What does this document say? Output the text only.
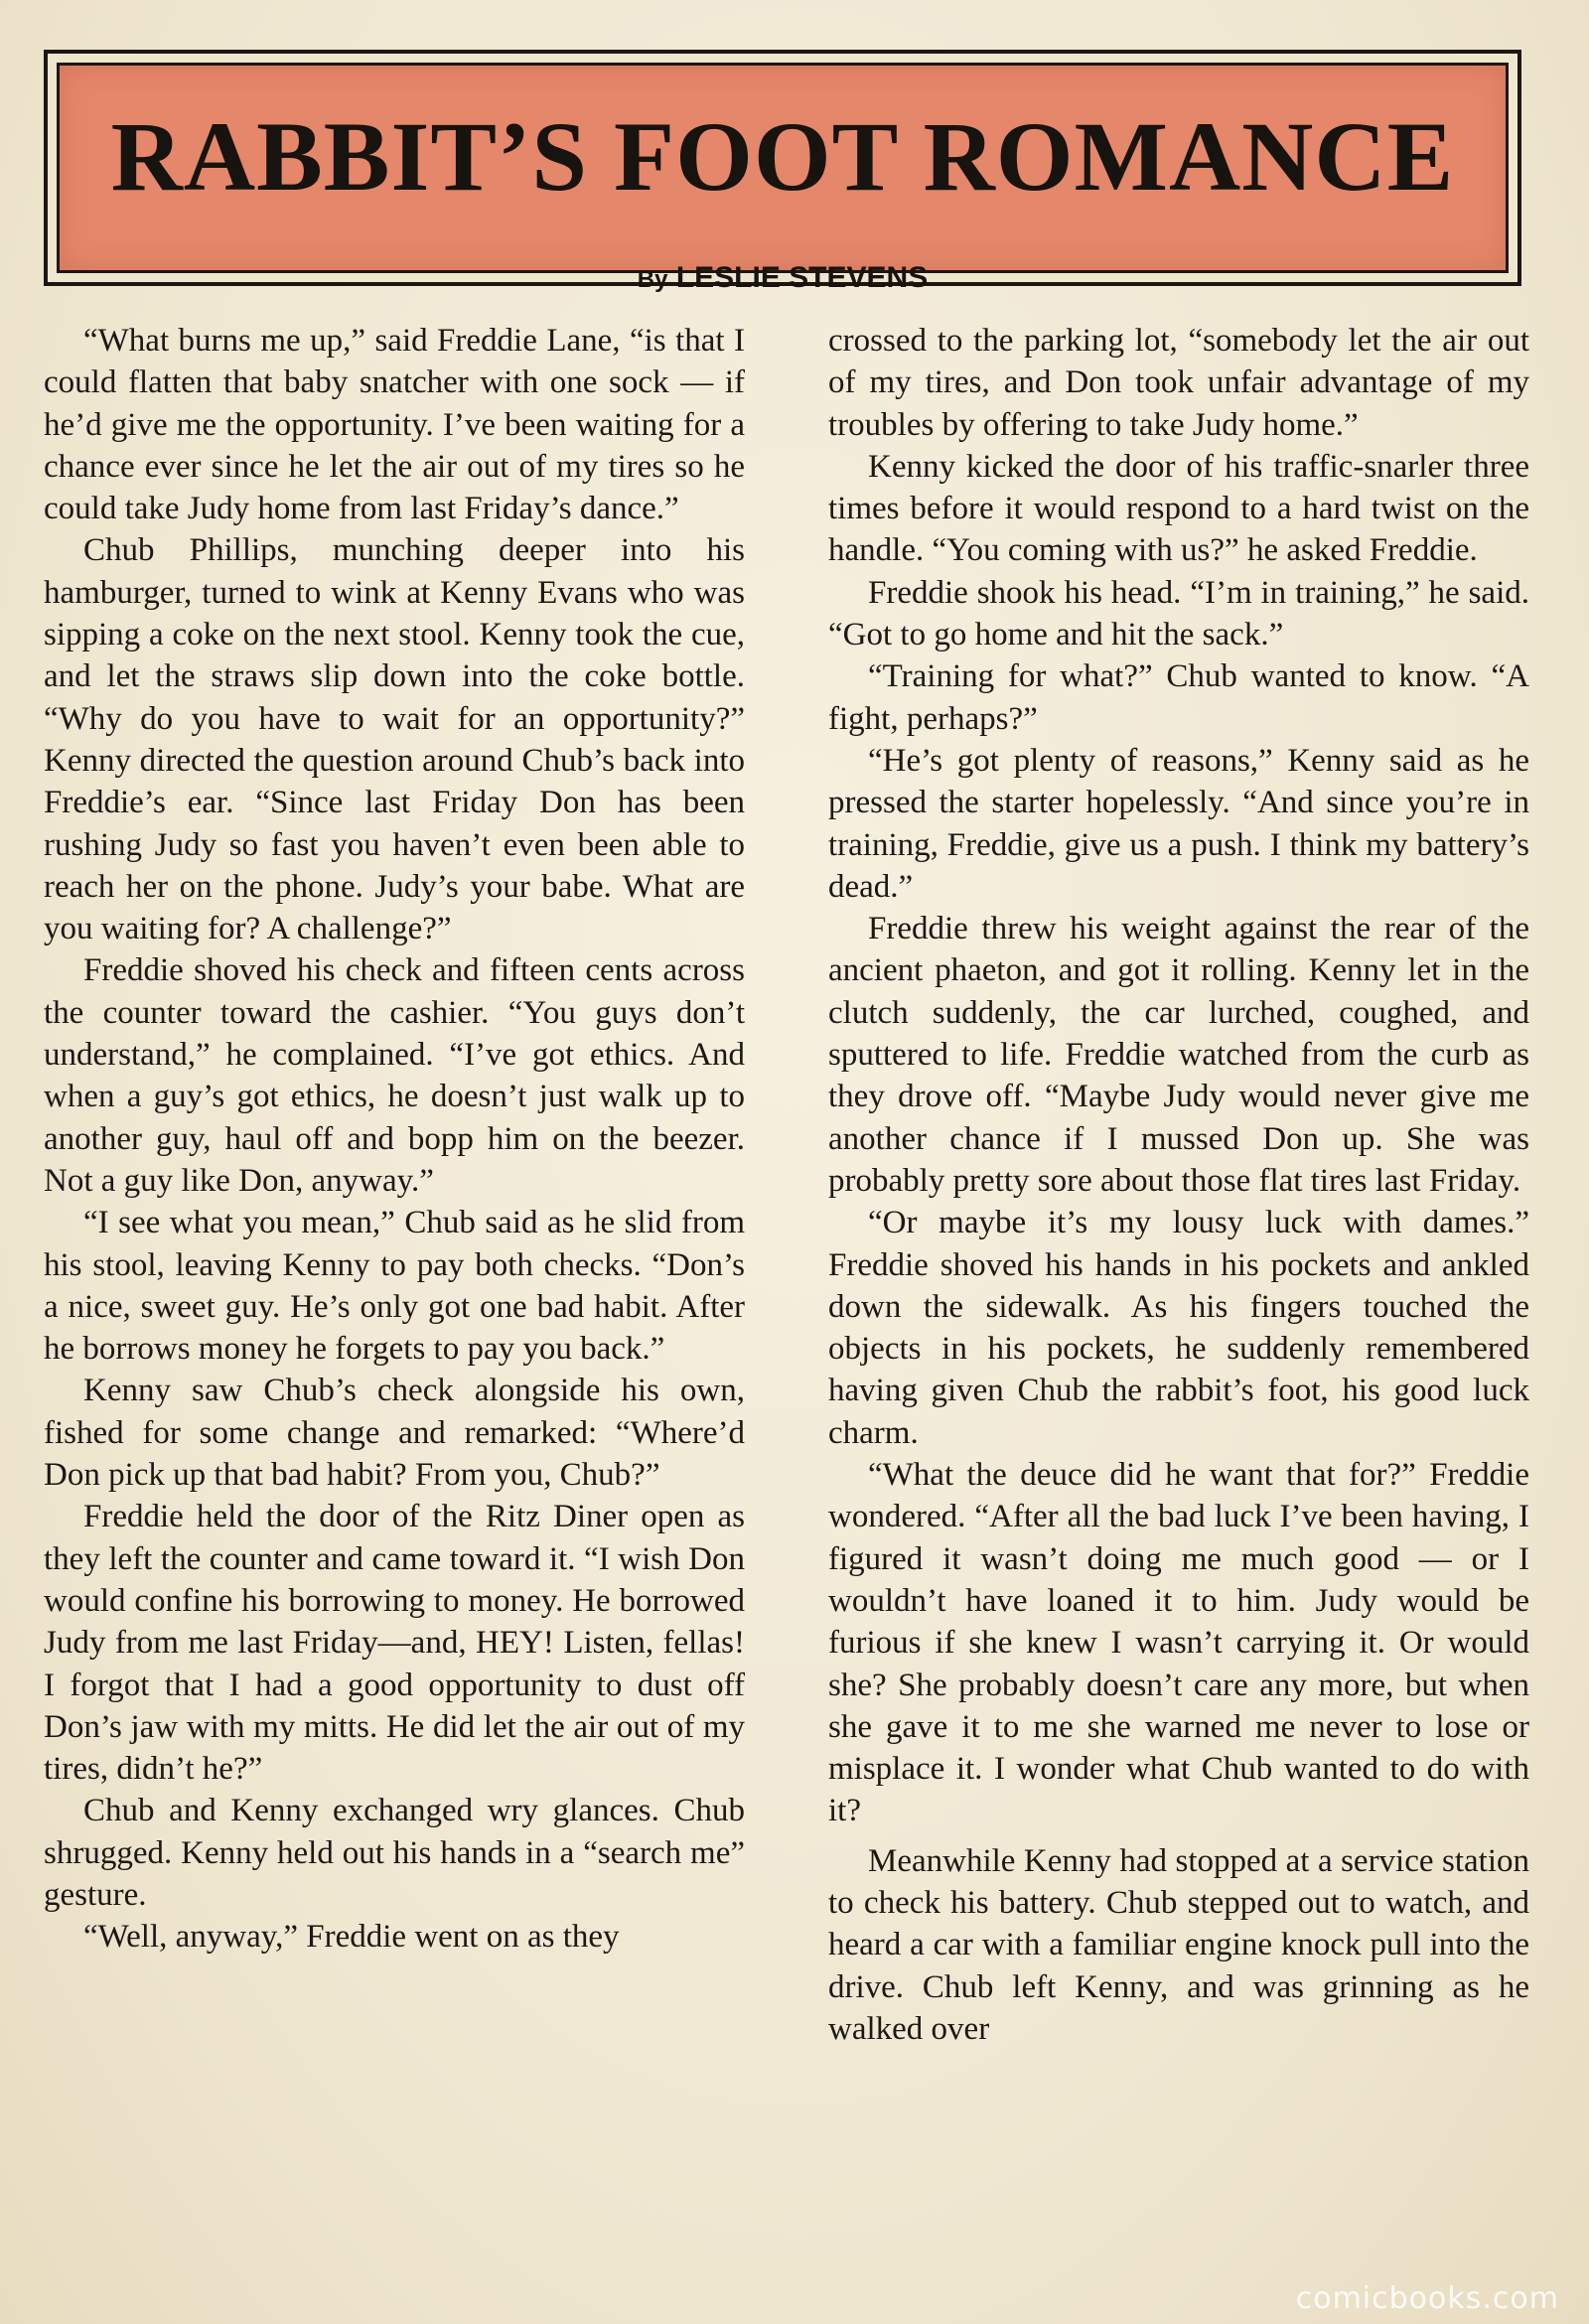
RABBIT’S FOOT ROMANCE
By LESLIE STEVENS

“What burns me up,” said Freddie Lane, “is that I could flatten that baby snatcher with one sock — if he’d give me the opportunity. I’ve been waiting for a chance ever since he let the air out of my tires so he could take Judy home from last Friday’s dance.”

Chub Phillips, munching deeper into his hamburger, turned to wink at Kenny Evans who was sipping a coke on the next stool. Kenny took the cue, and let the straws slip down into the coke bottle. “Why do you have to wait for an opportunity?” Kenny directed the question around Chub’s back into Freddie’s ear. “Since last Friday Don has been rushing Judy so fast you haven’t even been able to reach her on the phone. Judy’s your babe. What are you waiting for? A challenge?”

Freddie shoved his check and fifteen cents across the counter toward the cashier. “You guys don’t understand,” he complained. “I’ve got ethics. And when a guy’s got ethics, he doesn’t just walk up to another guy, haul off and bopp him on the beezer. Not a guy like Don, anyway.”

“I see what you mean,” Chub said as he slid from his stool, leaving Kenny to pay both checks. “Don’s a nice, sweet guy. He’s only got one bad habit. After he borrows money he forgets to pay you back.”

Kenny saw Chub’s check alongside his own, fished for some change and remarked: “Where’d Don pick up that bad habit? From you, Chub?”

Freddie held the door of the Ritz Diner open as they left the counter and came toward it. “I wish Don would confine his borrowing to money. He borrowed Judy from me last Friday—and, HEY! Listen, fellas! I forgot that I had a good opportunity to dust off Don’s jaw with my mitts. He did let the air out of my tires, didn’t he?”

Chub and Kenny exchanged wry glances. Chub shrugged. Kenny held out his hands in a “search me” gesture.

“Well, anyway,” Freddie went on as they

crossed to the parking lot, “somebody let the air out of my tires, and Don took unfair advantage of my troubles by offering to take Judy home.”

Kenny kicked the door of his traffic-snarler three times before it would respond to a hard twist on the handle. “You coming with us?” he asked Freddie.

Freddie shook his head. “I’m in training,” he said. “Got to go home and hit the sack.”

“Training for what?” Chub wanted to know. “A fight, perhaps?”

“He’s got plenty of reasons,” Kenny said as he pressed the starter hopelessly. “And since you’re in training, Freddie, give us a push. I think my battery’s dead.”

Freddie threw his weight against the rear of the ancient phaeton, and got it rolling. Kenny let in the clutch suddenly, the car lurched, coughed, and sputtered to life. Freddie watched from the curb as they drove off. “Maybe Judy would never give me another chance if I mussed Don up. She was probably pretty sore about those flat tires last Friday.

“Or maybe it’s my lousy luck with dames.” Freddie shoved his hands in his pockets and ankled down the sidewalk. As his fingers touched the objects in his pockets, he suddenly remembered having given Chub the rabbit’s foot, his good luck charm.

“What the deuce did he want that for?” Freddie wondered. “After all the bad luck I’ve been having, I figured it wasn’t doing me much good — or I wouldn’t have loaned it to him. Judy would be furious if she knew I wasn’t carrying it. Or would she? She probably doesn’t care any more, but when she gave it to me she warned me never to lose or misplace it. I wonder what Chub wanted to do with it?

Meanwhile Kenny had stopped at a service station to check his battery. Chub stepped out to watch, and heard a car with a familiar engine knock pull into the drive. Chub left Kenny, and was grinning as he walked over

comicbooks.com
